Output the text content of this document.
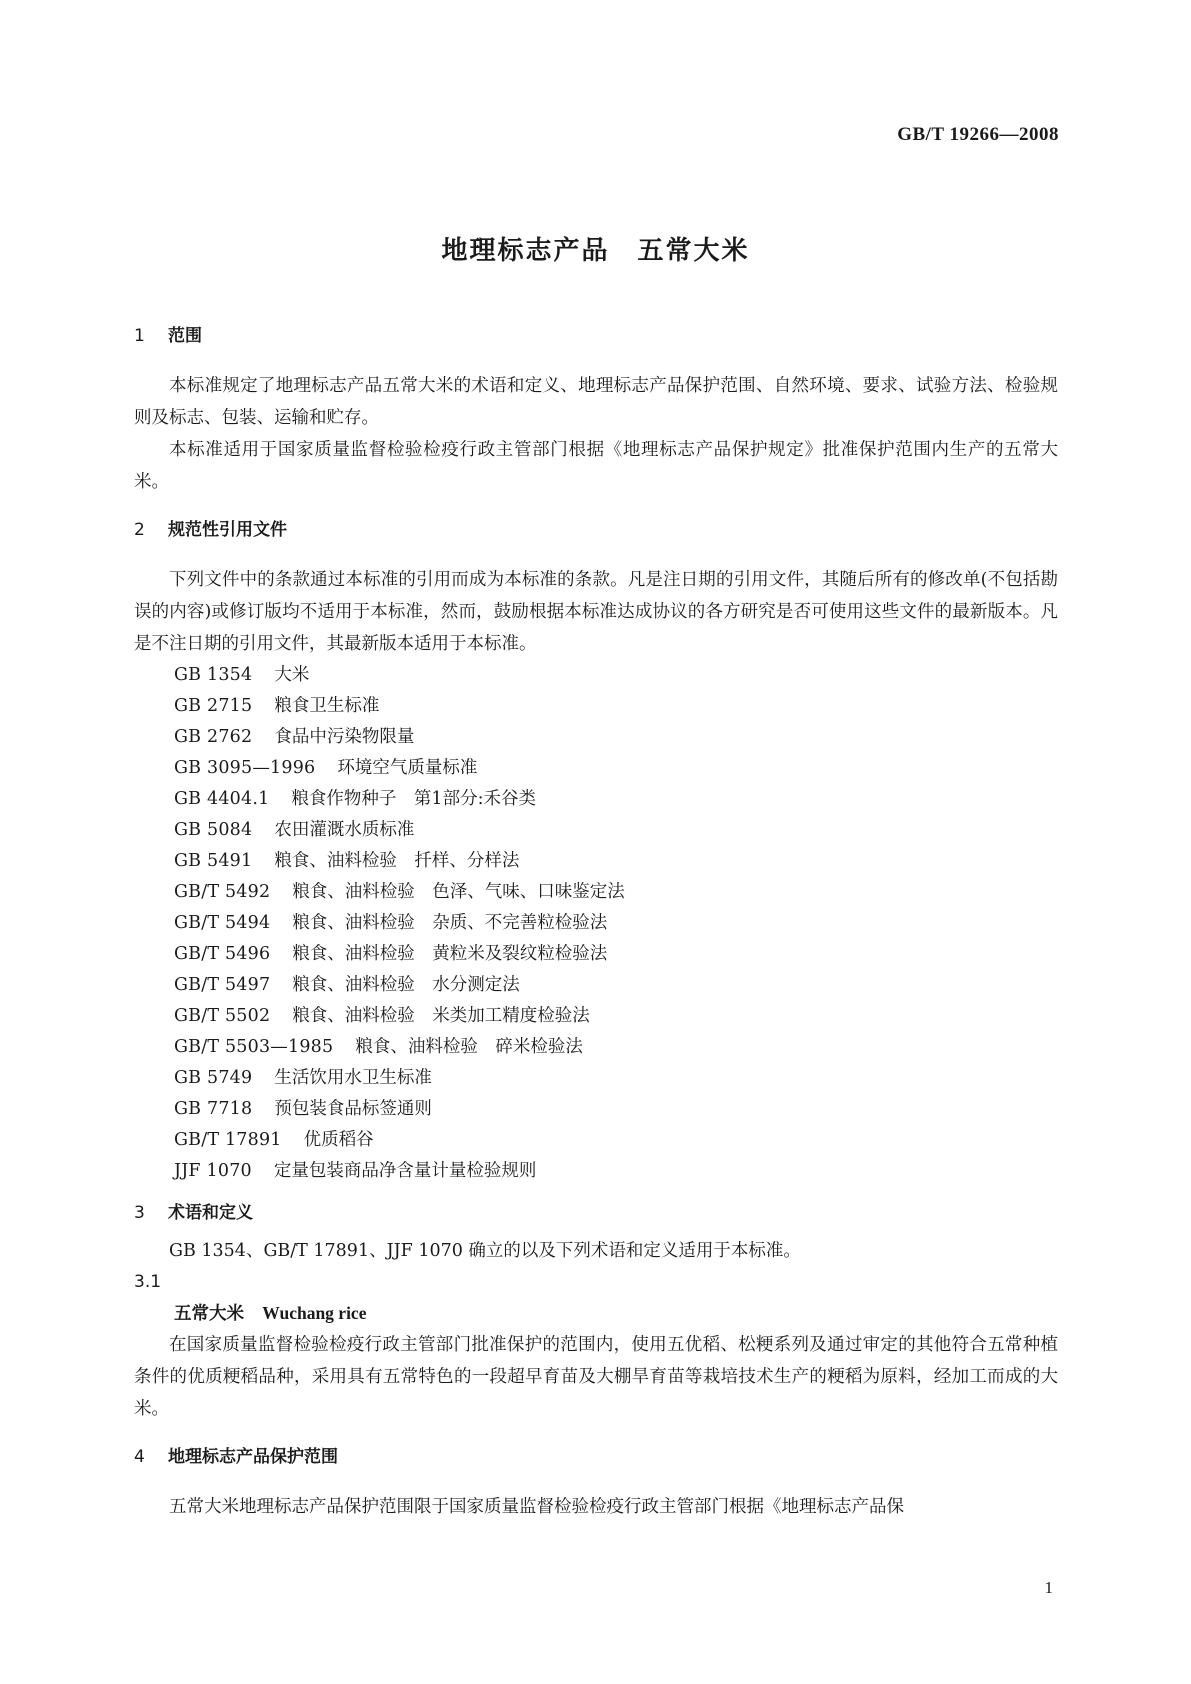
GB/T 19266—2008
地理标志产品　五常大米
1 范围

本标准规定了地理标志产品五常大米的术语和定义、地理标志产品保护范围、自然环境、要求、试验方法、检验规则及标志、包装、运输和贮存。

本标准适用于国家质量监督检验检疫行政主管部门根据《地理标志产品保护规定》批准保护范围内生产的五常大米。

2 规范性引用文件

下列文件中的条款通过本标准的引用而成为本标准的条款。凡是注日期的引用文件，其随后所有的修改单(不包括勘误的内容)或修订版均不适用于本标准，然而，鼓励根据本标准达成协议的各方研究是否可使用这些文件的最新版本。凡是不注日期的引用文件，其最新版本适用于本标准。

GB 1354 大米
GB 2715 粮食卫生标准
GB 2762 食品中污染物限量
GB 3095—1996 环境空气质量标准
GB 4404.1 粮食作物种子　第1部分:禾谷类
GB 5084 农田灌溉水质标准
GB 5491 粮食、油料检验　扦样、分样法
GB/T 5492 粮食、油料检验　色泽、气味、口味鉴定法
GB/T 5494 粮食、油料检验　杂质、不完善粒检验法
GB/T 5496 粮食、油料检验　黄粒米及裂纹粒检验法
GB/T 5497 粮食、油料检验　水分测定法
GB/T 5502 粮食、油料检验　米类加工精度检验法
GB/T 5503—1985 粮食、油料检验　碎米检验法
GB 5749 生活饮用水卫生标准
GB 7718 预包装食品标签通则
GB/T 17891 优质稻谷
JJF 1070 定量包装商品净含量计量检验规则
3 术语和定义

GB 1354、GB/T 17891、JJF 1070 确立的以及下列术语和定义适用于本标准。

3.1
五常大米 Wuchang rice

在国家质量监督检验检疫行政主管部门批准保护的范围内，使用五优稻、松粳系列及通过审定的其他符合五常种植条件的优质粳稻品种，采用具有五常特色的一段超早育苗及大棚旱育苗等栽培技术生产的粳稻为原料，经加工而成的大米。

4 地理标志产品保护范围

五常大米地理标志产品保护范围限于国家质量监督检验检疫行政主管部门根据《地理标志产品保

1
